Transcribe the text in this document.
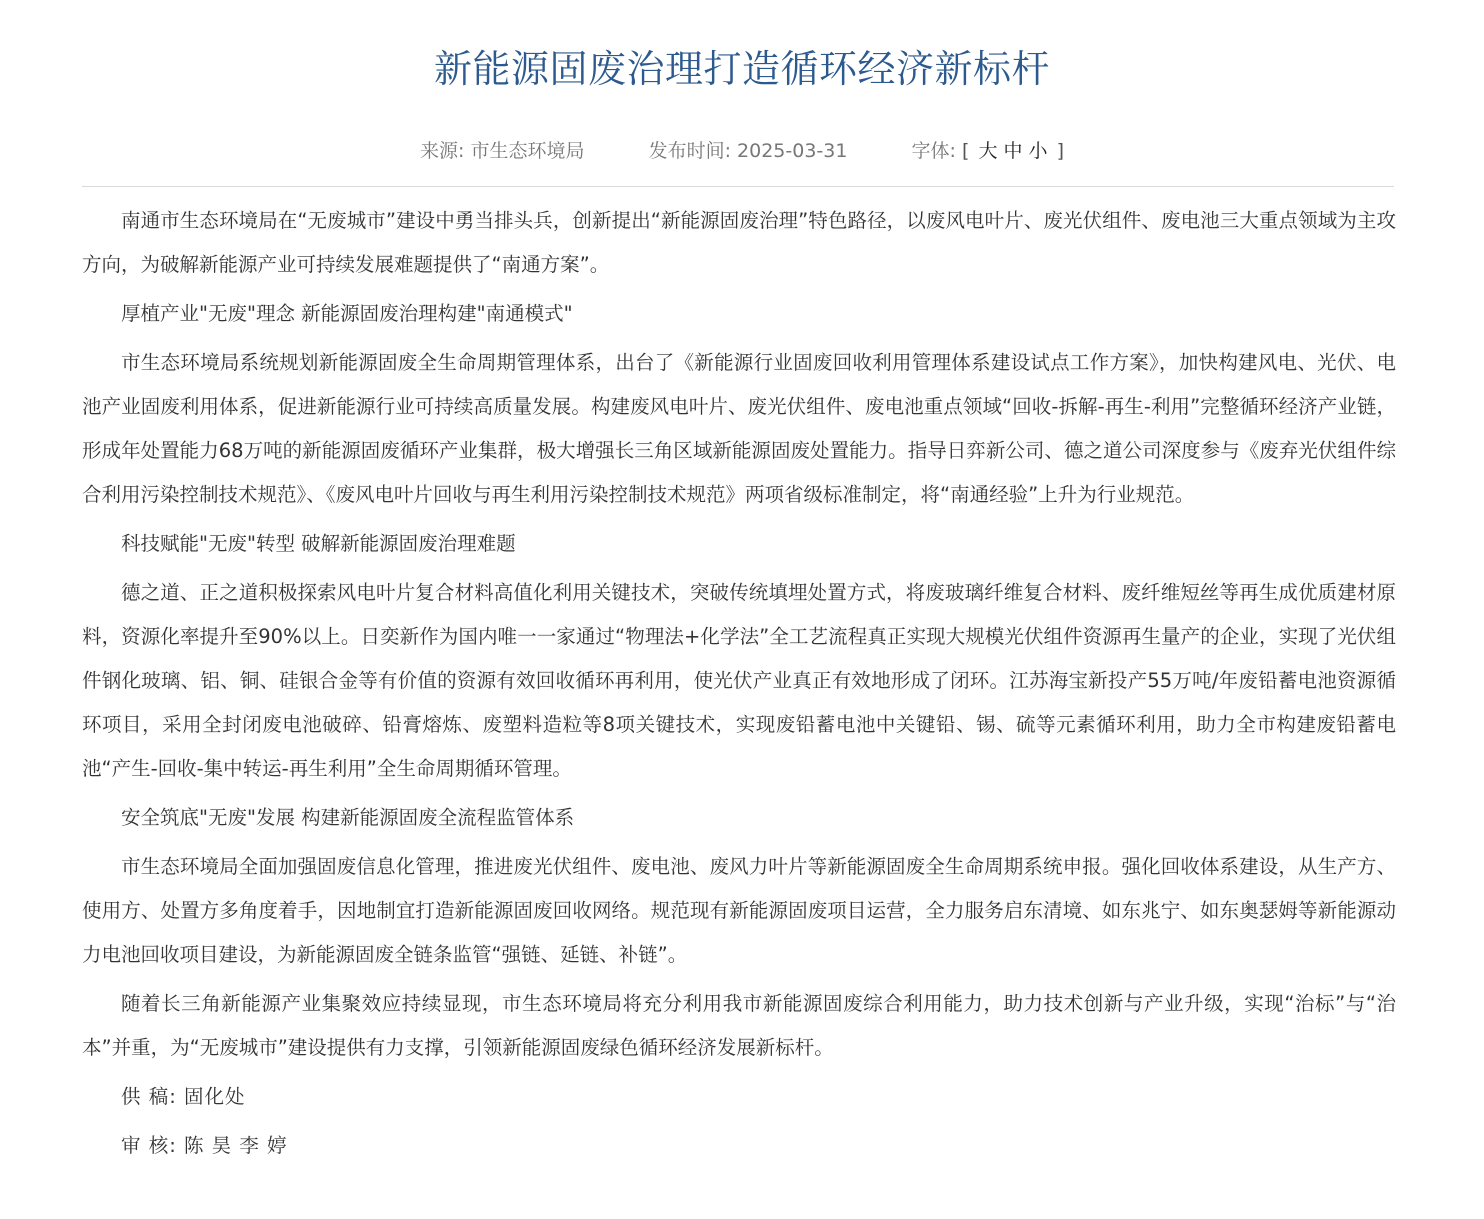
新能源固废治理打造循环经济新标杆
来源: 市生态环境局	发布时间: 2025-03-31	字体: [ 大 中 小 ]

南通市生态环境局在“无废城市”建设中勇当排头兵，创新提出“新能源固废治理”特色路径，以废风电叶片、废光伏组件、废电池三大重点领域为主攻方向，为破解新能源产业可持续发展难题提供了“南通方案”。

厚植产业"无废"理念 新能源固废治理构建"南通模式"

市生态环境局系统规划新能源固废全生命周期管理体系，出台了《新能源行业固废回收利用管理体系建设试点工作方案》，加快构建风电、光伏、电池产业固废利用体系，促进新能源行业可持续高质量发展。构建废风电叶片、废光伏组件、废电池重点领域“回收-拆解-再生-利用”完整循环经济产业链，形成年处置能力68万吨的新能源固废循环产业集群，极大增强长三角区域新能源固废处置能力。指导日弈新公司、德之道公司深度参与《废弃光伏组件综合利用污染控制技术规范》、《废风电叶片回收与再生利用污染控制技术规范》两项省级标准制定，将“南通经验”上升为行业规范。

科技赋能"无废"转型 破解新能源固废治理难题

德之道、正之道积极探索风电叶片复合材料高值化利用关键技术，突破传统填埋处置方式，将废玻璃纤维复合材料、废纤维短丝等再生成优质建材原料，资源化率提升至90%以上。日奕新作为国内唯一一家通过“物理法+化学法”全工艺流程真正实现大规模光伏组件资源再生量产的企业，实现了光伏组件钢化玻璃、铝、铜、硅银合金等有价值的资源有效回收循环再利用，使光伏产业真正有效地形成了闭环。江苏海宝新投产55万吨/年废铅蓄电池资源循环项目，采用全封闭废电池破碎、铅膏熔炼、废塑料造粒等8项关键技术，实现废铅蓄电池中关键铅、锡、硫等元素循环利用，助力全市构建废铅蓄电池“产生-回收-集中转运-再生利用”全生命周期循环管理。

安全筑底"无废"发展 构建新能源固废全流程监管体系

市生态环境局全面加强固废信息化管理，推进废光伏组件、废电池、废风力叶片等新能源固废全生命周期系统申报。强化回收体系建设，从生产方、使用方、处置方多角度着手，因地制宜打造新能源固废回收网络。规范现有新能源固废项目运营，全力服务启东清境、如东兆宁、如东奥瑟姆等新能源动力电池回收项目建设，为新能源固废全链条监管“强链、延链、补链”。

随着长三角新能源产业集聚效应持续显现，市生态环境局将充分利用我市新能源固废综合利用能力，助力技术创新与产业升级，实现“治标”与“治本”并重，为“无废城市”建设提供有力支撑，引领新能源固废绿色循环经济发展新标杆。

供 稿: 固化处

审 核: 陈 昊 李 婷
